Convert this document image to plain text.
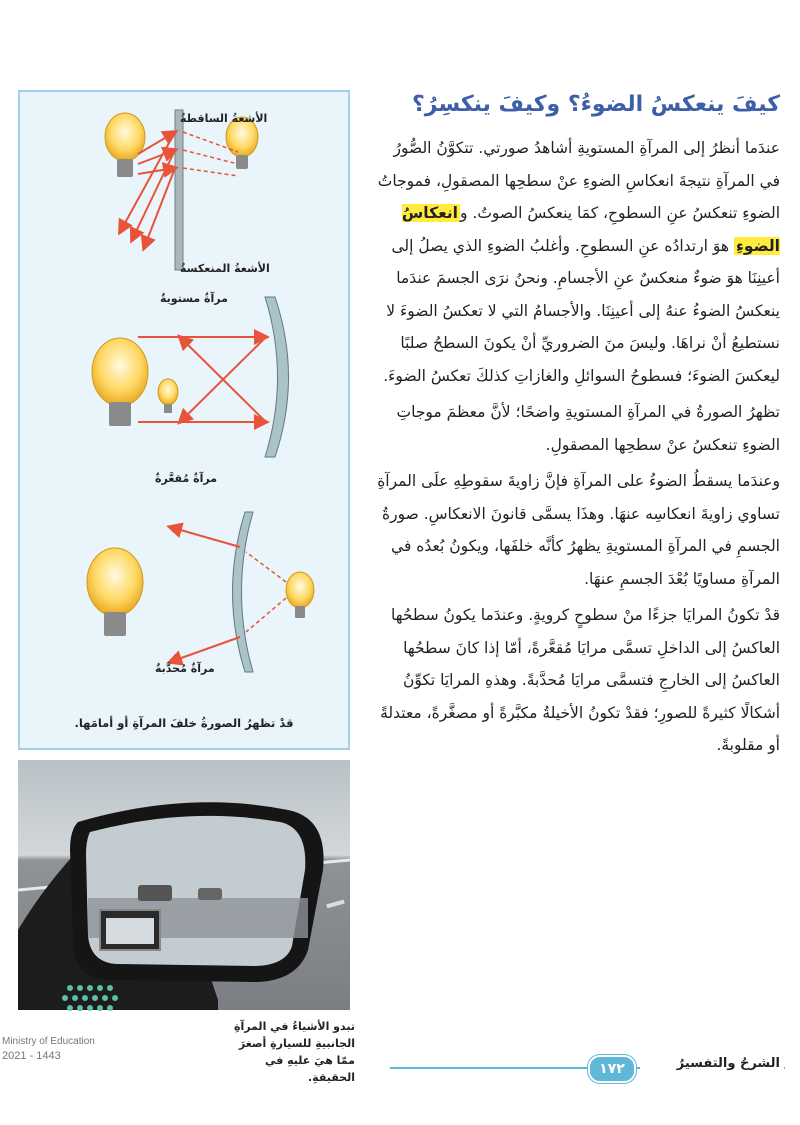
كيفَ ينعكسُ الضوءُ؟ وكيفَ ينكسِرُ؟

عندَما أنظرُ إلى المرآةِ المستويةِ أشاهدُ صورتي. تتكوَّنُ الصُّورُ في المرآةِ نتيجةَ انعكاسِ الضوءِ عنْ سطحِها المصقولِ، فموجاتُ الضوءِ تنعكسُ عنِ السطوحِ، كمَا ينعكسُ الصوتُ. وانعكاسُ الضوءِ هوَ ارتدادُه عنِ السطوحِ. وأغلبُ الضوءِ الذي يصلُ إلى أعينِنَا هوَ ضوءٌ منعكسٌ عنِ الأجسامِ. ونحنُ نرَى الجسمَ عندَما ينعكسُ الضوءُ عنهُ إلى أعينِنَا. والأجسامُ التي لا تعكسُ الضوءَ لا نستطيعُ أنْ نراهَا. وليسَ منَ الضروريِّ أنْ يكونَ السطحُ صلبًا ليعكسَ الضوءَ؛ فسطوحُ السوائلِ والغازاتِ كذلكَ تعكسُ الضوءَ.

تظهرُ الصورةُ في المرآةِ المستويةِ واضحًا؛ لأنَّ معظمَ موجاتِ الضوءِ تنعكسُ عنْ سطحِها المصقولِ.

وعندَما يسقطُ الضوءُ على المرآةِ فإنَّ زاويةَ سقوطِهِ علَى المرآةِ تساوي زاويةَ انعكاسِه عنهَا. وهذَا يسمَّى قانونَ الانعكاسِ. صورةُ الجسمِ في المرآةِ المستويةِ يظهرُ كأنَّه خلفَها، ويكونُ بُعدُه في المرآةِ مساويًا بُعْدَ الجسمِ عنهَا.

قدْ تكونُ المرايَا جزءًا منْ سطوحٍ كرويةٍ. وعندَما يكونُ سطحُها العاكسُ إلى الداخلِ تسمَّى مرايَا مُقعَّرةً، أمّا إذا كانَ سطحُها العاكسُ إلى الخارجِ فتسمَّى مرايَا مُحدَّبةً. وهذهِ المرايَا تكوِّنُ أشكالًا كثيرةً للصورِ؛ فقدْ تكونُ الأخيلةُ مكبَّرةً أو مصغَّرةً، معتدلةً أو مقلوبةً.

الأشعةُ الساقطةُ
الأشعةُ المنعكسةُ
مرآةٌ مستويةٌ
مرآةٌ مُقعَّرةٌ
مرآةٌ مُحدَّبةٌ
قدْ تظهرُ الصورةُ خلفَ المرآةِ أو أمامَها.
تبدو الأشياءُ في المرآةِ الجانبيةِ للسيارةِ أصغرَ ممّا هيَ عليهِ في الحقيقةِ.
Ministry of Education
2021 - 1443	الشرحُ والتفسيرُ
١٧٢
